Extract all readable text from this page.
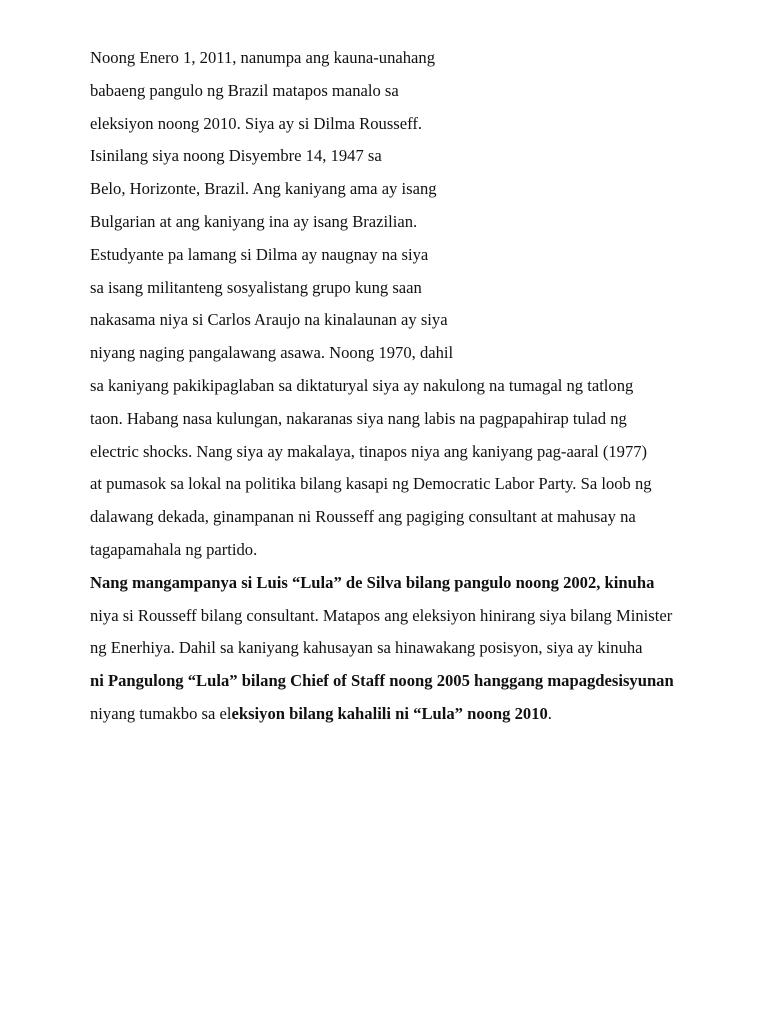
Noong Enero 1, 2011, nanumpa ang kauna-unahang
babaeng pangulo ng Brazil matapos manalo sa
eleksiyon noong 2010. Siya ay si Dilma Rousseff.
Isinilang siya noong Disyembre 14, 1947 sa
Belo, Horizonte, Brazil. Ang kaniyang ama ay isang
Bulgarian at ang kaniyang ina ay isang Brazilian.
Estudyante pa lamang si Dilma ay naugnay na siya
sa isang militanteng sosyalistang grupo kung saan
nakasama niya si Carlos Araujo na kinalaunan ay siya
niyang naging pangalawang asawa. Noong 1970, dahil
sa kaniyang pakikipaglaban sa diktaturyal siya ay nakulong na tumagal ng tatlong
taon. Habang nasa kulungan, nakaranas siya nang labis na pagpapahirap tulad ng
electric shocks. Nang siya ay makalaya, tinapos niya ang kaniyang pag-aaral (1977)
at pumasok sa lokal na politika bilang kasapi ng Democratic Labor Party. Sa loob ng
dalawang dekada, ginampanan ni Rousseff ang pagiging consultant at mahusay na
tagapamahala ng partido.
Nang mangampanya si Luis “Lula” de Silva bilang pangulo noong 2002, kinuha
niya si Rousseff bilang consultant. Matapos ang eleksiyon hinirang siya bilang Minister
ng Enerhiya. Dahil sa kaniyang kahusayan sa hinawakang posisyon, siya ay kinuha
ni Pangulong “Lula” bilang Chief of Staff noong 2005 hanggang mapagdesisyunan
niyang tumakbo sa eleksiyon bilang kahalili ni “Lula” noong 2010.
